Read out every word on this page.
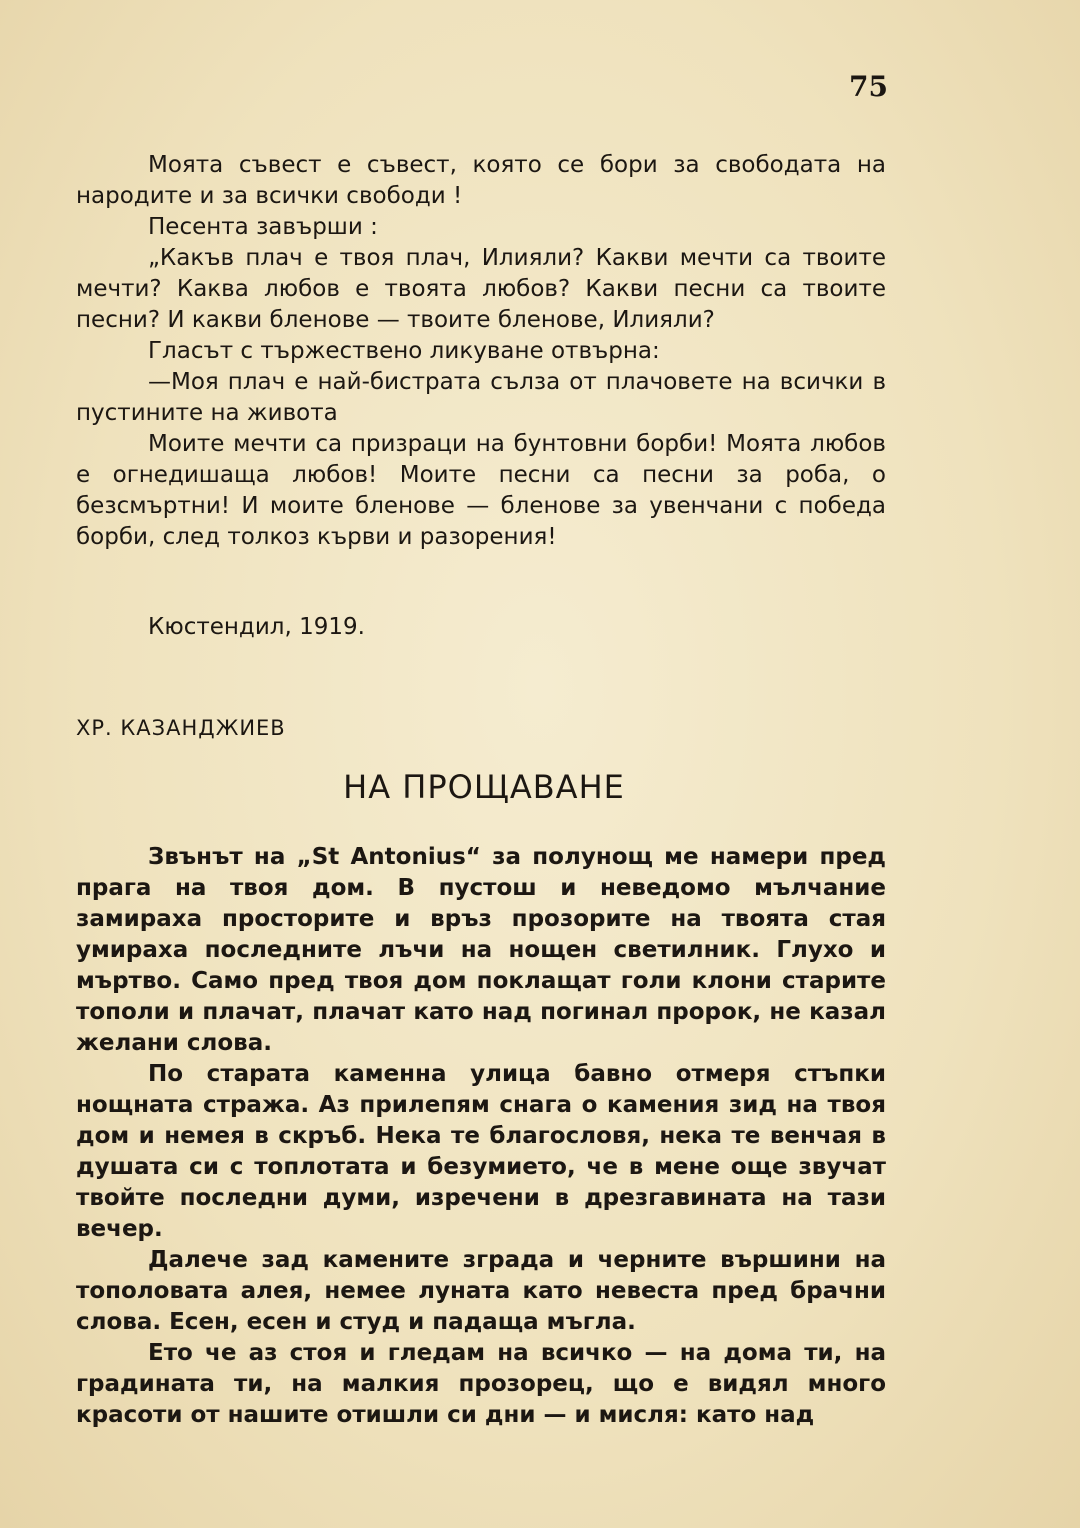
75

Моята съвест е съвест, която се бори за свободата на народите и за всички свободи !

Песента завърши :

„Какъв плач е твоя плач, Илияли? Какви мечти са твоите мечти? Каква любов е твоята любов? Какви песни са твоите песни? И какви бленове — твоите бленове, Илияли?

Гласът с тържествено ликуване отвърна:

—Моя плач е най-бистрата сълза от плачовете на всички в пустините на живота

Моите мечти са призраци на бунтовни борби! Моята любов е огнедишаща любов! Моите песни са песни за роба, о безсмъртни! И моите бленове — бленове за увенчани с победа борби, след толкоз кърви и разорения!

Кюстендил, 1919.
ХР. КАЗАНДЖИЕВ
НА ПРОЩАВАНЕ

Звънът на „St Antonius“ за полунощ ме намери пред прага на твоя дом. В пустош и неведомо мълчание замираха просторите и връз прозорите на твоята стая умираха последните лъчи на нощен светилник. Глухо и мъртво. Само пред твоя дом поклащат голи клони старите тополи и плачат, плачат като над погинал пророк, не казал желани слова.

По старата каменна улица бавно отмеря стъпки нощната стража. Аз прилепям снага о камения зид на твоя дом и немея в скръб. Нека те благословя, нека те венчая в душата си с топлотата и безумието, че в мене още звучат твойте последни думи, изречени в дрезгавината на тази вечер.

Далече зад камените зграда и черните вършини на тополовата алея, немее луната като невеста пред брачни слова. Есен, есен и студ и падаща мъгла.

Ето че аз стоя и гледам на всичко — на дома ти, на градината ти, на малкия прозорец, що е видял много красоти от нашите отишли си дни — и мисля: като над
